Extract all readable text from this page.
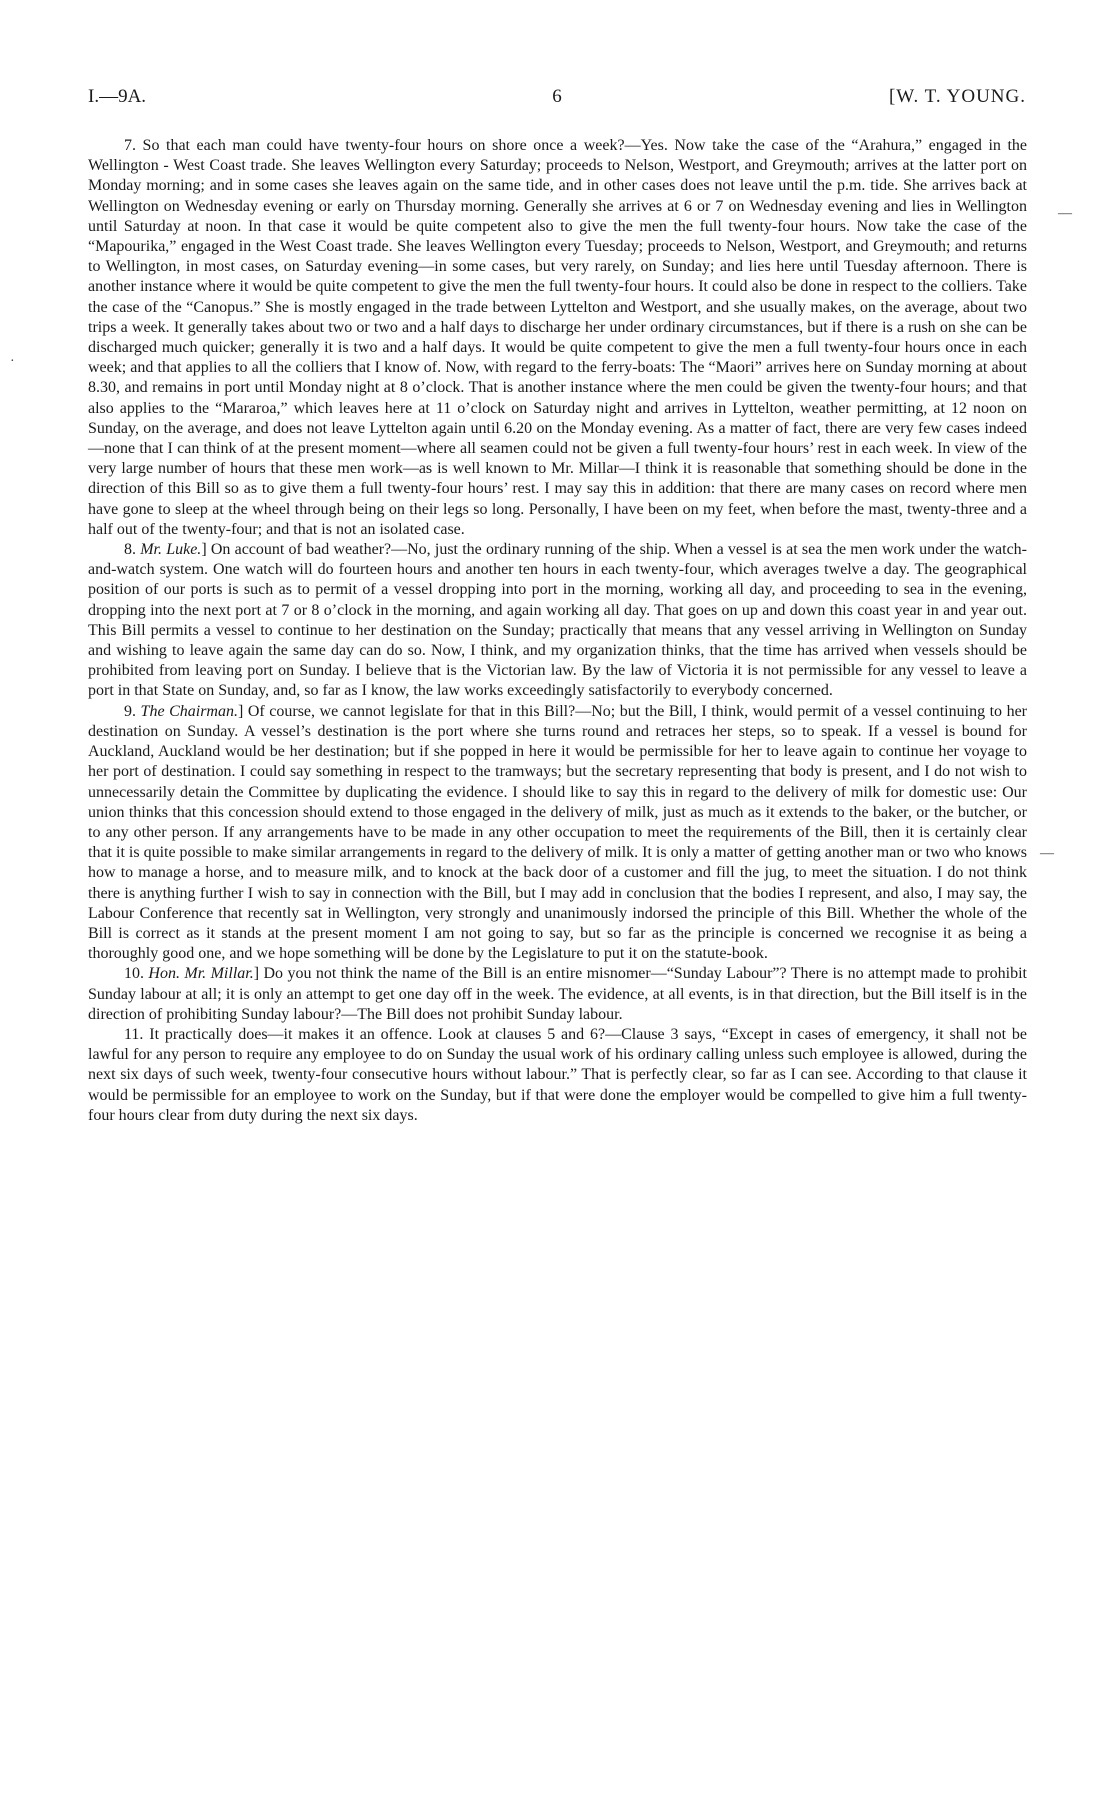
I.—9A.	6	[W. T. YOUNG.
—
·
—

7. So that each man could have twenty-four hours on shore once a week?—Yes. Now take the case of the “Arahura,” engaged in the Wellington - West Coast trade. She leaves Wellington every Saturday; proceeds to Nelson, Westport, and Greymouth; arrives at the latter port on Monday morning; and in some cases she leaves again on the same tide, and in other cases does not leave until the p.m. tide. She arrives back at Wellington on Wednesday evening or early on Thursday morning. Generally she arrives at 6 or 7 on Wednesday evening and lies in Wellington until Saturday at noon. In that case it would be quite competent also to give the men the full twenty-four hours. Now take the case of the “Mapourika,” engaged in the West Coast trade. She leaves Wellington every Tuesday; proceeds to Nelson, Westport, and Greymouth; and returns to Wellington, in most cases, on Saturday evening—in some cases, but very rarely, on Sunday; and lies here until Tuesday afternoon. There is another instance where it would be quite competent to give the men the full twenty-four hours. It could also be done in respect to the colliers. Take the case of the “Canopus.” She is mostly engaged in the trade between Lyttelton and Westport, and she usually makes, on the average, about two trips a week. It generally takes about two or two and a half days to discharge her under ordinary circumstances, but if there is a rush on she can be discharged much quicker; generally it is two and a half days. It would be quite competent to give the men a full twenty-four hours once in each week; and that applies to all the colliers that I know of. Now, with regard to the ferry-boats: The “Maori” arrives here on Sunday morning at about 8.30, and remains in port until Monday night at 8 o’clock. That is another instance where the men could be given the twenty-four hours; and that also applies to the “Mararoa,” which leaves here at 11 o’clock on Saturday night and arrives in Lyttelton, weather permitting, at 12 noon on Sunday, on the average, and does not leave Lyttelton again until 6.20 on the Monday evening. As a matter of fact, there are very few cases indeed—none that I can think of at the present moment—where all seamen could not be given a full twenty-four hours’ rest in each week. In view of the very large number of hours that these men work—as is well known to Mr. Millar—I think it is reasonable that something should be done in the direction of this Bill so as to give them a full twenty-four hours’ rest. I may say this in addition: that there are many cases on record where men have gone to sleep at the wheel through being on their legs so long. Personally, I have been on my feet, when before the mast, twenty-three and a half out of the twenty-four; and that is not an isolated case.

8. Mr. Luke.] On account of bad weather?—No, just the ordinary running of the ship. When a vessel is at sea the men work under the watch-and-watch system. One watch will do fourteen hours and another ten hours in each twenty-four, which averages twelve a day. The geographical position of our ports is such as to permit of a vessel dropping into port in the morning, working all day, and proceeding to sea in the evening, dropping into the next port at 7 or 8 o’clock in the morning, and again working all day. That goes on up and down this coast year in and year out. This Bill permits a vessel to continue to her destination on the Sunday; practically that means that any vessel arriving in Wellington on Sunday and wishing to leave again the same day can do so. Now, I think, and my organization thinks, that the time has arrived when vessels should be prohibited from leaving port on Sunday. I believe that is the Victorian law. By the law of Victoria it is not permissible for any vessel to leave a port in that State on Sunday, and, so far as I know, the law works exceedingly satisfactorily to everybody concerned.

9. The Chairman.] Of course, we cannot legislate for that in this Bill?—No; but the Bill, I think, would permit of a vessel continuing to her destination on Sunday. A vessel’s destination is the port where she turns round and retraces her steps, so to speak. If a vessel is bound for Auckland, Auckland would be her destination; but if she popped in here it would be permissible for her to leave again to continue her voyage to her port of destination. I could say something in respect to the tramways; but the secretary representing that body is present, and I do not wish to unnecessarily detain the Committee by duplicating the evidence. I should like to say this in regard to the delivery of milk for domestic use: Our union thinks that this concession should extend to those engaged in the delivery of milk, just as much as it extends to the baker, or the butcher, or to any other person. If any arrangements have to be made in any other occupation to meet the requirements of the Bill, then it is certainly clear that it is quite possible to make similar arrangements in regard to the delivery of milk. It is only a matter of getting another man or two who knows how to manage a horse, and to measure milk, and to knock at the back door of a customer and fill the jug, to meet the situation. I do not think there is anything further I wish to say in connection with the Bill, but I may add in conclusion that the bodies I represent, and also, I may say, the Labour Conference that recently sat in Wellington, very strongly and unanimously indorsed the principle of this Bill. Whether the whole of the Bill is correct as it stands at the present moment I am not going to say, but so far as the principle is concerned we recognise it as being a thoroughly good one, and we hope something will be done by the Legislature to put it on the statute-book.

10. Hon. Mr. Millar.] Do you not think the name of the Bill is an entire misnomer—“Sunday Labour”? There is no attempt made to prohibit Sunday labour at all; it is only an attempt to get one day off in the week. The evidence, at all events, is in that direction, but the Bill itself is in the direction of prohibiting Sunday labour?—The Bill does not prohibit Sunday labour.

11. It practically does—it makes it an offence. Look at clauses 5 and 6?—Clause 3 says, “Except in cases of emergency, it shall not be lawful for any person to require any employee to do on Sunday the usual work of his ordinary calling unless such employee is allowed, during the next six days of such week, twenty-four consecutive hours without labour.” That is perfectly clear, so far as I can see. According to that clause it would be permissible for an employee to work on the Sunday, but if that were done the employer would be compelled to give him a full twenty-four hours clear from duty during the next six days.
